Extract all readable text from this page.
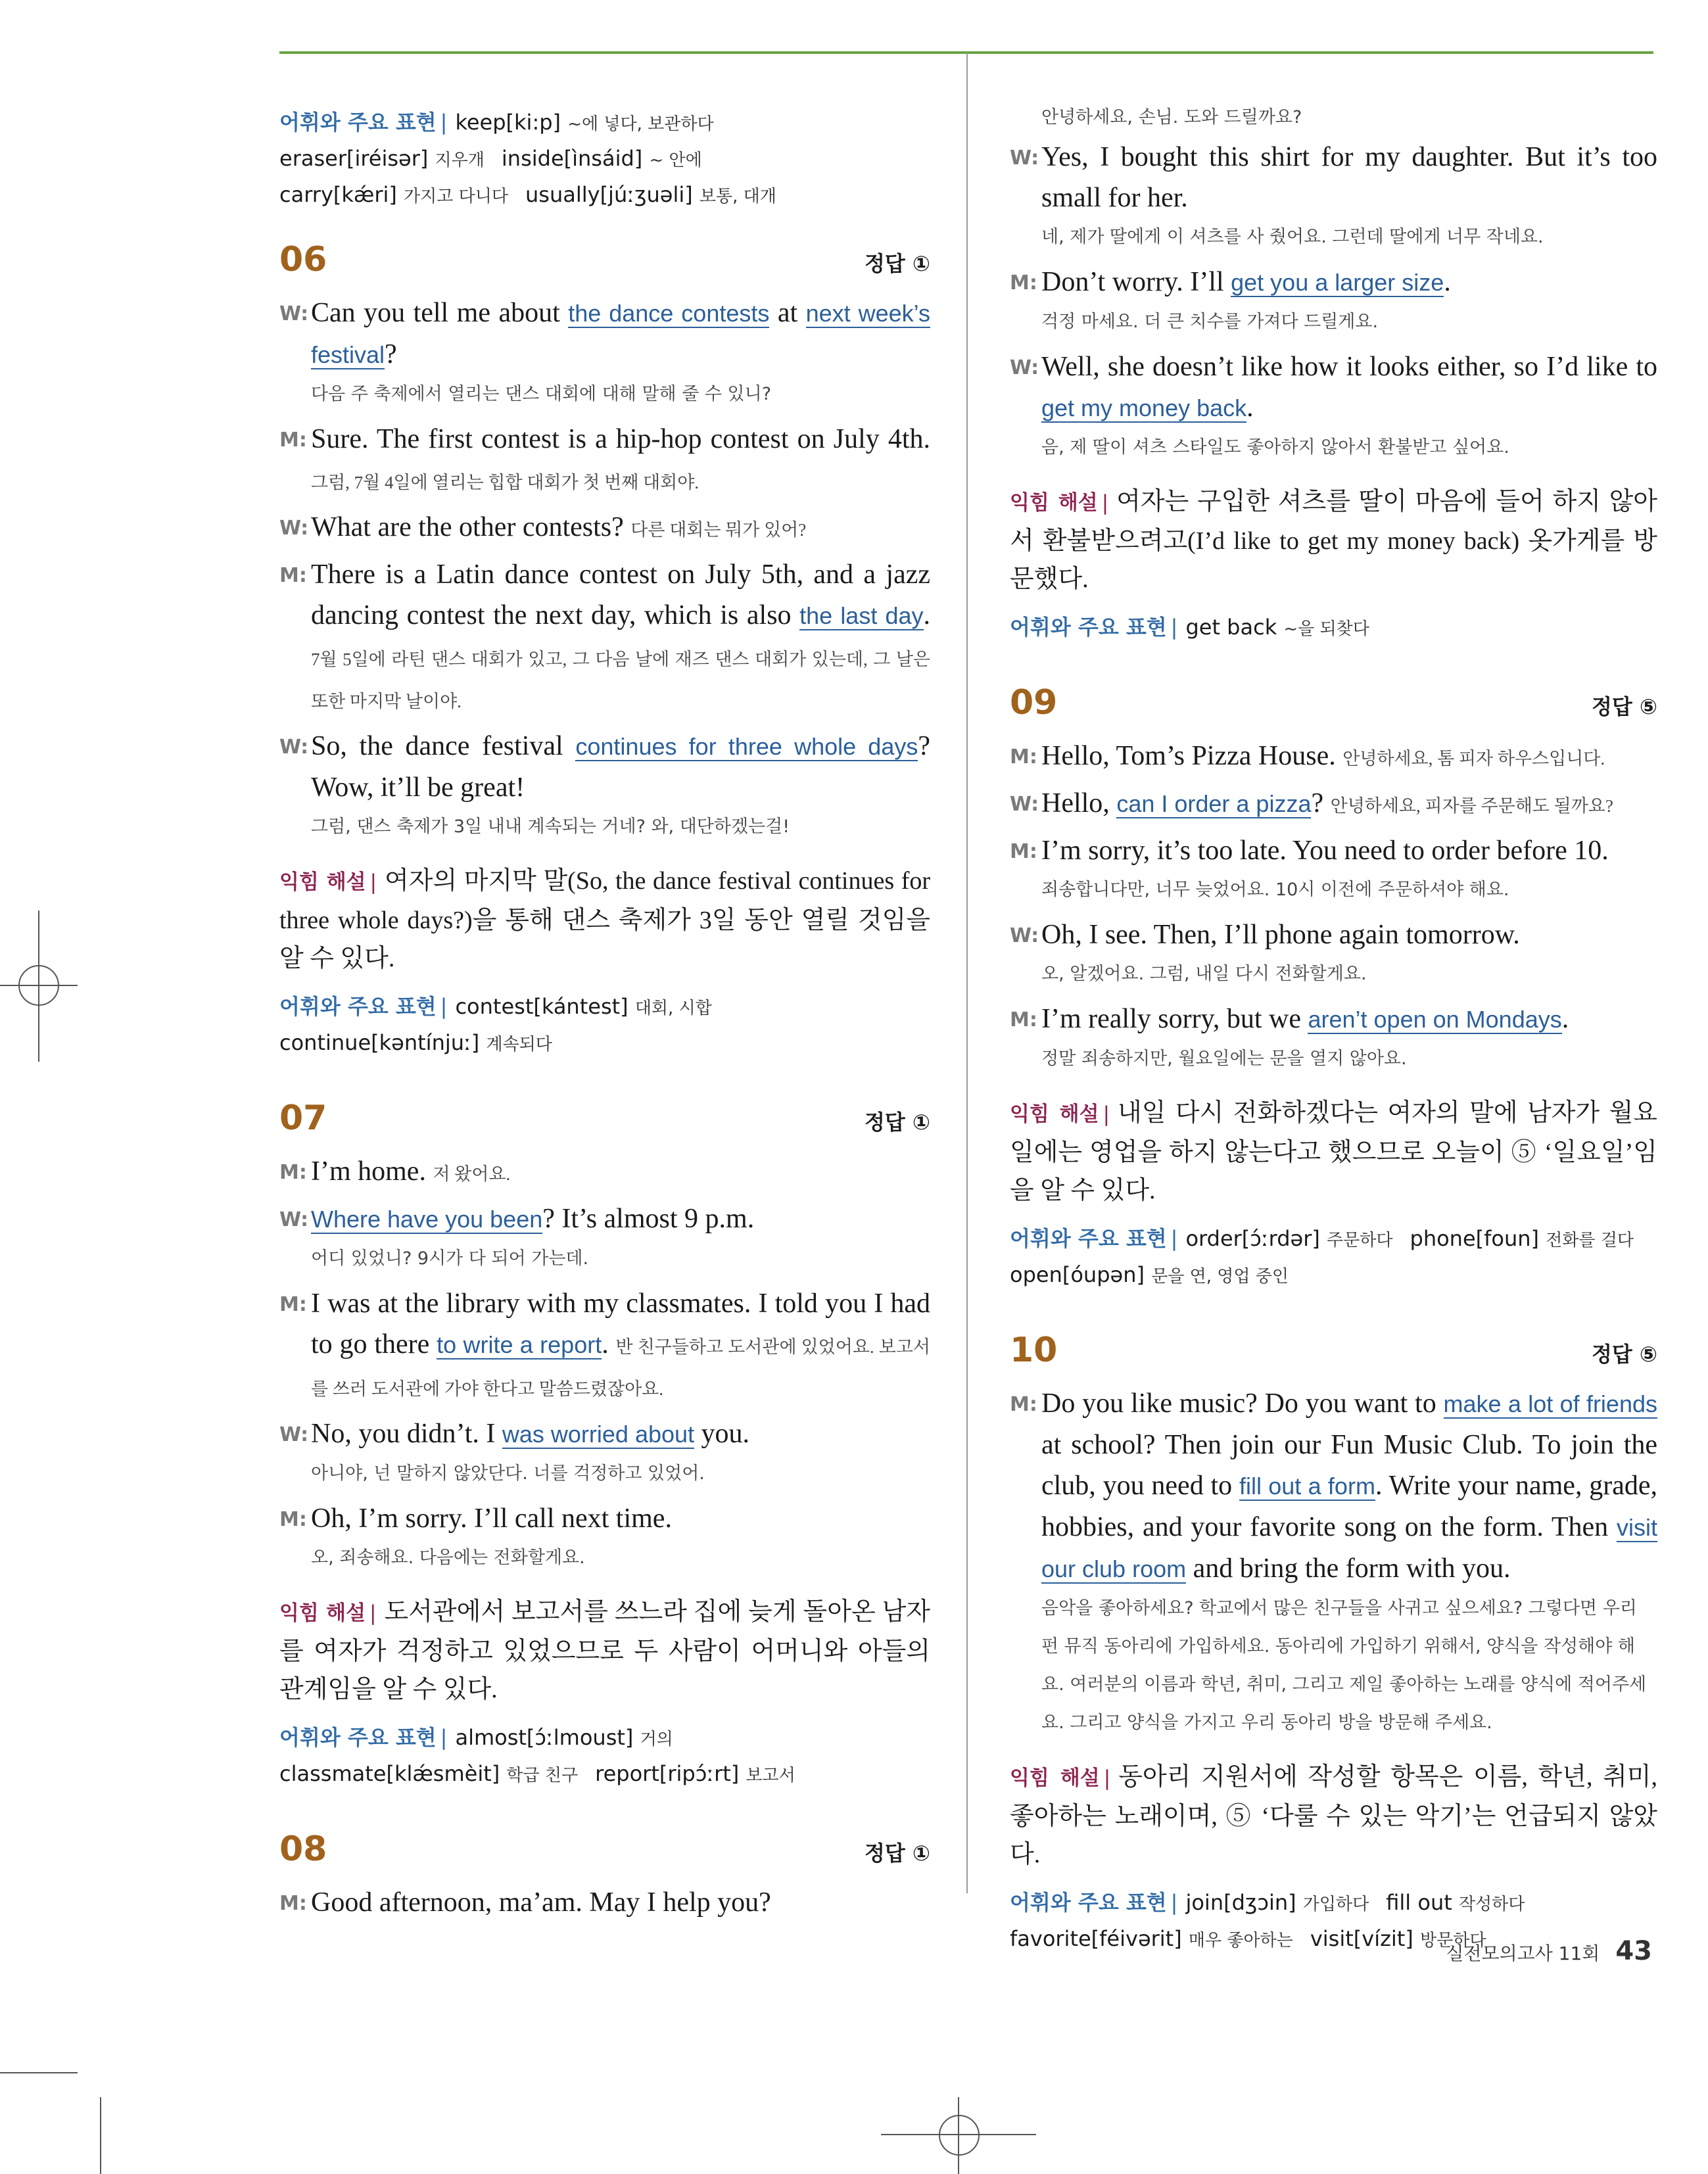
어휘와 주요 표현 | keep[ki:p] ~에 넣다, 보관하다
eraser[iréisər] 지우개 inside[ìnsáid] ~ 안에
carry[kǽri] 가지고 다니다 usually[júːʒuəli] 보통, 대개
06	정답 ①
W: Can you tell me about the dance contests at next week’s festival?
다음 주 축제에서 열리는 댄스 대회에 대해 말해 줄 수 있니?
M: Sure. The first contest is a hip-hop contest on July 4th. 그럼, 7월 4일에 열리는 힙합 대회가 첫 번째 대회야.
W: What are the other contests? 다른 대회는 뭐가 있어?
M: There is a Latin dance contest on July 5th, and a jazz dancing contest the next day, which is also the last day. 7월 5일에 라틴 댄스 대회가 있고, 그 다음 날에 재즈 댄스 대회가 있는데, 그 날은 또한 마지막 날이야.
W: So, the dance festival continues for three whole days? Wow, it’ll be great!
그럼, 댄스 축제가 3일 내내 계속되는 거네? 와, 대단하겠는걸!
익힘 해설 | 여자의 마지막 말(So, the dance festival continues for three whole days?)을 통해 댄스 축제가 3일 동안 열릴 것임을 알 수 있다.
어휘와 주요 표현 | contest[kántest] 대회, 시합
continue[kəntínjuː] 계속되다
07	정답 ①
M: I’m home. 저 왔어요.
W: Where have you been? It’s almost 9 p.m.
어디 있었니? 9시가 다 되어 가는데.
M: I was at the library with my classmates. I told you I had to go there to write a report. 반 친구들하고 도서관에 있었어요. 보고서를 쓰러 도서관에 가야 한다고 말씀드렸잖아요.
W: No, you didn’t. I was worried about you.
아니야, 넌 말하지 않았단다. 너를 걱정하고 있었어.
M: Oh, I’m sorry. I’ll call next time.
오, 죄송해요. 다음에는 전화할게요.
익힘 해설 | 도서관에서 보고서를 쓰느라 집에 늦게 돌아온 남자를 여자가 걱정하고 있었으므로 두 사람이 어머니와 아들의 관계임을 알 수 있다.
어휘와 주요 표현 | almost[ɔ́ːlmoust] 거의
classmate[klǽsmèit] 학급 친구 report[ripɔ́ːrt] 보고서
08	정답 ①
M: Good afternoon, ma’am. May I help you?
안녕하세요, 손님. 도와 드릴까요?
W: Yes, I bought this shirt for my daughter. But it’s too small for her.
네, 제가 딸에게 이 셔츠를 사 줬어요. 그런데 딸에게 너무 작네요.
M: Don’t worry. I’ll get you a larger size.
걱정 마세요. 더 큰 치수를 가져다 드릴게요.
W: Well, she doesn’t like how it looks either, so I’d like to get my money back.
음, 제 딸이 셔츠 스타일도 좋아하지 않아서 환불받고 싶어요.
익힘 해설 | 여자는 구입한 셔츠를 딸이 마음에 들어 하지 않아서 환불받으려고(I’d like to get my money back) 옷가게를 방문했다.
어휘와 주요 표현 | get back ~을 되찾다
09	정답 ⑤
M: Hello, Tom’s Pizza House. 안녕하세요, 톰 피자 하우스입니다.
W: Hello, can I order a pizza? 안녕하세요, 피자를 주문해도 될까요?
M: I’m sorry, it’s too late. You need to order before 10.
죄송합니다만, 너무 늦었어요. 10시 이전에 주문하셔야 해요.
W: Oh, I see. Then, I’ll phone again tomorrow.
오, 알겠어요. 그럼, 내일 다시 전화할게요.
M: I’m really sorry, but we aren’t open on Mondays.
정말 죄송하지만, 월요일에는 문을 열지 않아요.
익힘 해설 | 내일 다시 전화하겠다는 여자의 말에 남자가 월요일에는 영업을 하지 않는다고 했으므로 오늘이 ⑤ ‘일요일’임을 알 수 있다.
어휘와 주요 표현 | order[ɔ́ːrdər] 주문하다 phone[foun] 전화를 걸다
open[óupən] 문을 연, 영업 중인
10	정답 ⑤
M: Do you like music? Do you want to make a lot of friends at school? Then join our Fun Music Club. To join the club, you need to fill out a form. Write your name, grade, hobbies, and your favorite song on the form. Then visit our club room and bring the form with you.
음악을 좋아하세요? 학교에서 많은 친구들을 사귀고 싶으세요? 그렇다면 우리 펀 뮤직 동아리에 가입하세요. 동아리에 가입하기 위해서, 양식을 작성해야 해요. 여러분의 이름과 학년, 취미, 그리고 제일 좋아하는 노래를 양식에 적어주세요. 그리고 양식을 가지고 우리 동아리 방을 방문해 주세요.
익힘 해설 | 동아리 지원서에 작성할 항목은 이름, 학년, 취미, 좋아하는 노래이며, ⑤ ‘다룰 수 있는 악기’는 언급되지 않았다.
어휘와 주요 표현 | join[dʒɔin] 가입하다 fill out 작성하다
favorite[féivərit] 매우 좋아하는 visit[vízit] 방문하다
실전모의고사 11회 43
